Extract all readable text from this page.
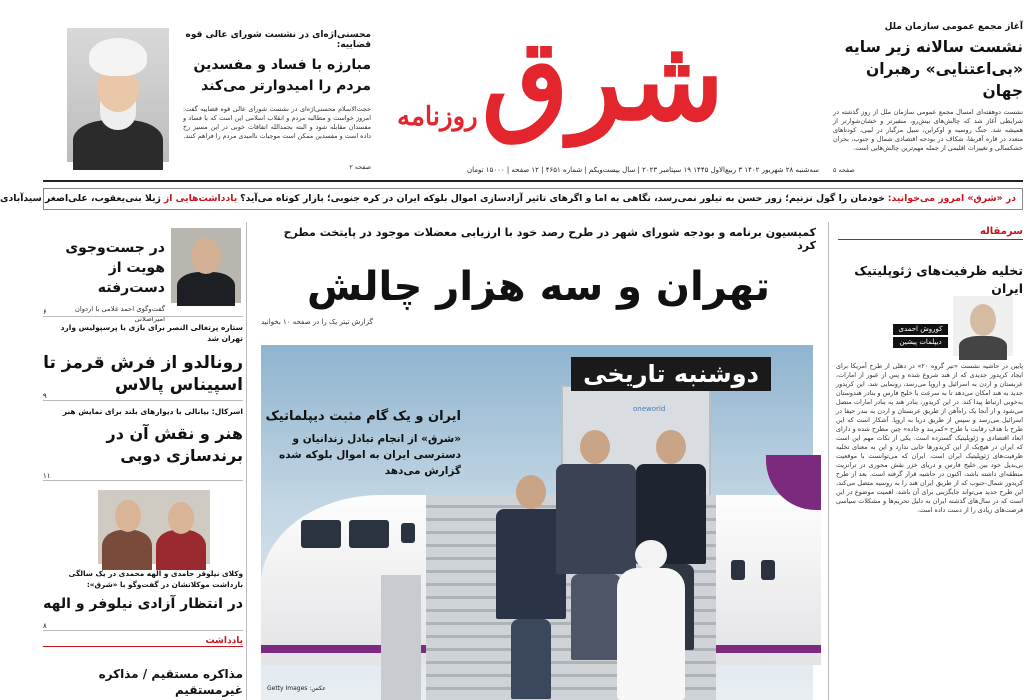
شرق
روزنامه
آغاز مجمع عمومی سازمان ملل
نشست سالانه زیر سایه «بی‌اعتنایی» رهبران جهان
نشست دوهفته‌ای امسال مجمع عمومی سازمان ملل از روز گذشته در شرایطی آغاز شد که چالش‌های بیش‌رو، منفیرتر و خشان‌شوارتر از همیشه شد. جنگ روسیه و اوکراین، سیل مرگبار در لیبی، کودتاهای متعدد در قاره آفریقا، شکاف در بودجه اقتصادی شمال و جنوب، بحران خشکسالی و تغییرات اقلیمی از جمله مهم‌ترین چالش‌هایی است.
صفحه ۵
محسنی‌اژه‌ای در نشست شورای عالی قوه قضاییه:
مبارزه با فساد و مفسدین مردم را امیدوارتر می‌کند
حجت‌الاسلام محسنی‌اژه‌ای در نشست شورای عالی قوه قضاییه گفت: امروز خواست و مطالبه مردم و انقلاب اسلامی این است که با فساد و مفسدان مقابله شود و البته بحمدالله اتفاقات خوبی در این مسیر رخ داده است و مفسدین ممکن است موجبات ناامیدی مردم را فراهم کنند.
صفحه ۲	سه‌شنبه ۲۸ شهریور ۱۴۰۲ ۳ ربیع‌الاول ۱۴۴۵ ۱۹ سپتامبر ۲۰۲۳ | سال بیست‌ویکم | شماره ۴۶۵۱ | ۱۲ صفحه | ۱۵۰۰۰ تومان
در «شرق» امروز می‌خوانید: خودمان را گول نزنیم؛ زور حسن به تیلور نمی‌رسد، نگاهی به اما و اگرهای تاثیر آزادسازی اموال بلوکه ایران در کره جنوبی؛ بازار کوتاه می‌آید؟ یادداشت‌هایی از ژیلا بنی‌یعقوب، علی‌اصغر سیدآبادی
کمیسیون برنامه و بودجه شورای شهر در طرح رصد خود با ارزیابی معضلات موجود در پایتخت مطرح کرد
تهران و سه هزار چالش
گزارش تیتر یک را در صفحه ۱۰ بخوانید
oneworld
دوشنبه تاریخی
ایران و یک گام مثبت دیپلماتیک
«شرق» از انجام تبادل زندانیان و دسترسی ایران به اموال بلوکه شده گزارش می‌دهد
عکس: Getty Images
سرمقاله
تخلیه ظرفیت‌های ژئوپلیتیک ایران
کوروش احمدی
دیپلمات پیشین
پایین در حاشیه نشست «تیر گروه ۲۰» در دهلی از طرح آمریکا برای ایجاد کریدور جدیدی که از هند شروع شده و پس از عبور از امارات، عربستان و اردن به اسرائیل و اروپا می‌رسد، رونمایی شد. این کریدور جدید به هند امکان می‌دهد تا به سرعت با خلیج فارس و بنادر هندوستان به‌خوبی ارتباط پیدا کند. در این کریدور، بنادر هند به بنادر امارات متصل می‌شود و از آنجا یک راه‌آهن از طریق عربستان و اردن به بندر حیفا در اسرائیل می‌رسد و سپس از طریق دریا به اروپا. آشکار است که این طرح با هدف رقابت با طرح «کمربند و جاده» چین مطرح شده و دارای ابعاد اقتصادی و ژئوپلیتیک گسترده است. یکی از نکات مهم این است که ایران در هیچ‌یک از این کریدورها جایی ندارد و این به معنای تخلیه ظرفیت‌های ژئوپلیتیک ایران است. ایران که می‌توانست با موقعیت بی‌بدیل خود بین خلیج فارس و دریای خزر نقش محوری در ترانزیت منطقه‌ای داشته باشد، اکنون در حاشیه قرار گرفته است. بعد از طرح کریدور شمال-جنوب که از طریق ایران هند را به روسیه متصل می‌کند، این طرح جدید می‌تواند جایگزینی برای آن باشد. اهمیت موضوع در این است که در سال‌های گذشته ایران به دلیل تحریم‌ها و مشکلات سیاسی فرصت‌های زیادی را از دست داده است.
در جست‌وجوی هویت از دست‌رفته
گفت‌وگوی احمد غلامی با اردوان امیراصلانی
۶
ستاره پرتغالی النصر برای بازی با پرسپولیس وارد تهران شد
رونالدو از فرش قرمز تا اسپیناس پالاس
۹
اسرکال: بیانالی با دیوارهای بلند برای نمایش هنر
هنر و نقش آن در برندسازی دوبی
۱۱
وکلای نیلوفر حامدی و الهه محمدی در یک سالگی بازداشت موکلانشان در گفت‌وگو با «شرق»:
در انتظار آزادی نیلوفر و الهه
۸
یادداشت
مذاکره مستقیم / مذاکره غیرمستقیم
